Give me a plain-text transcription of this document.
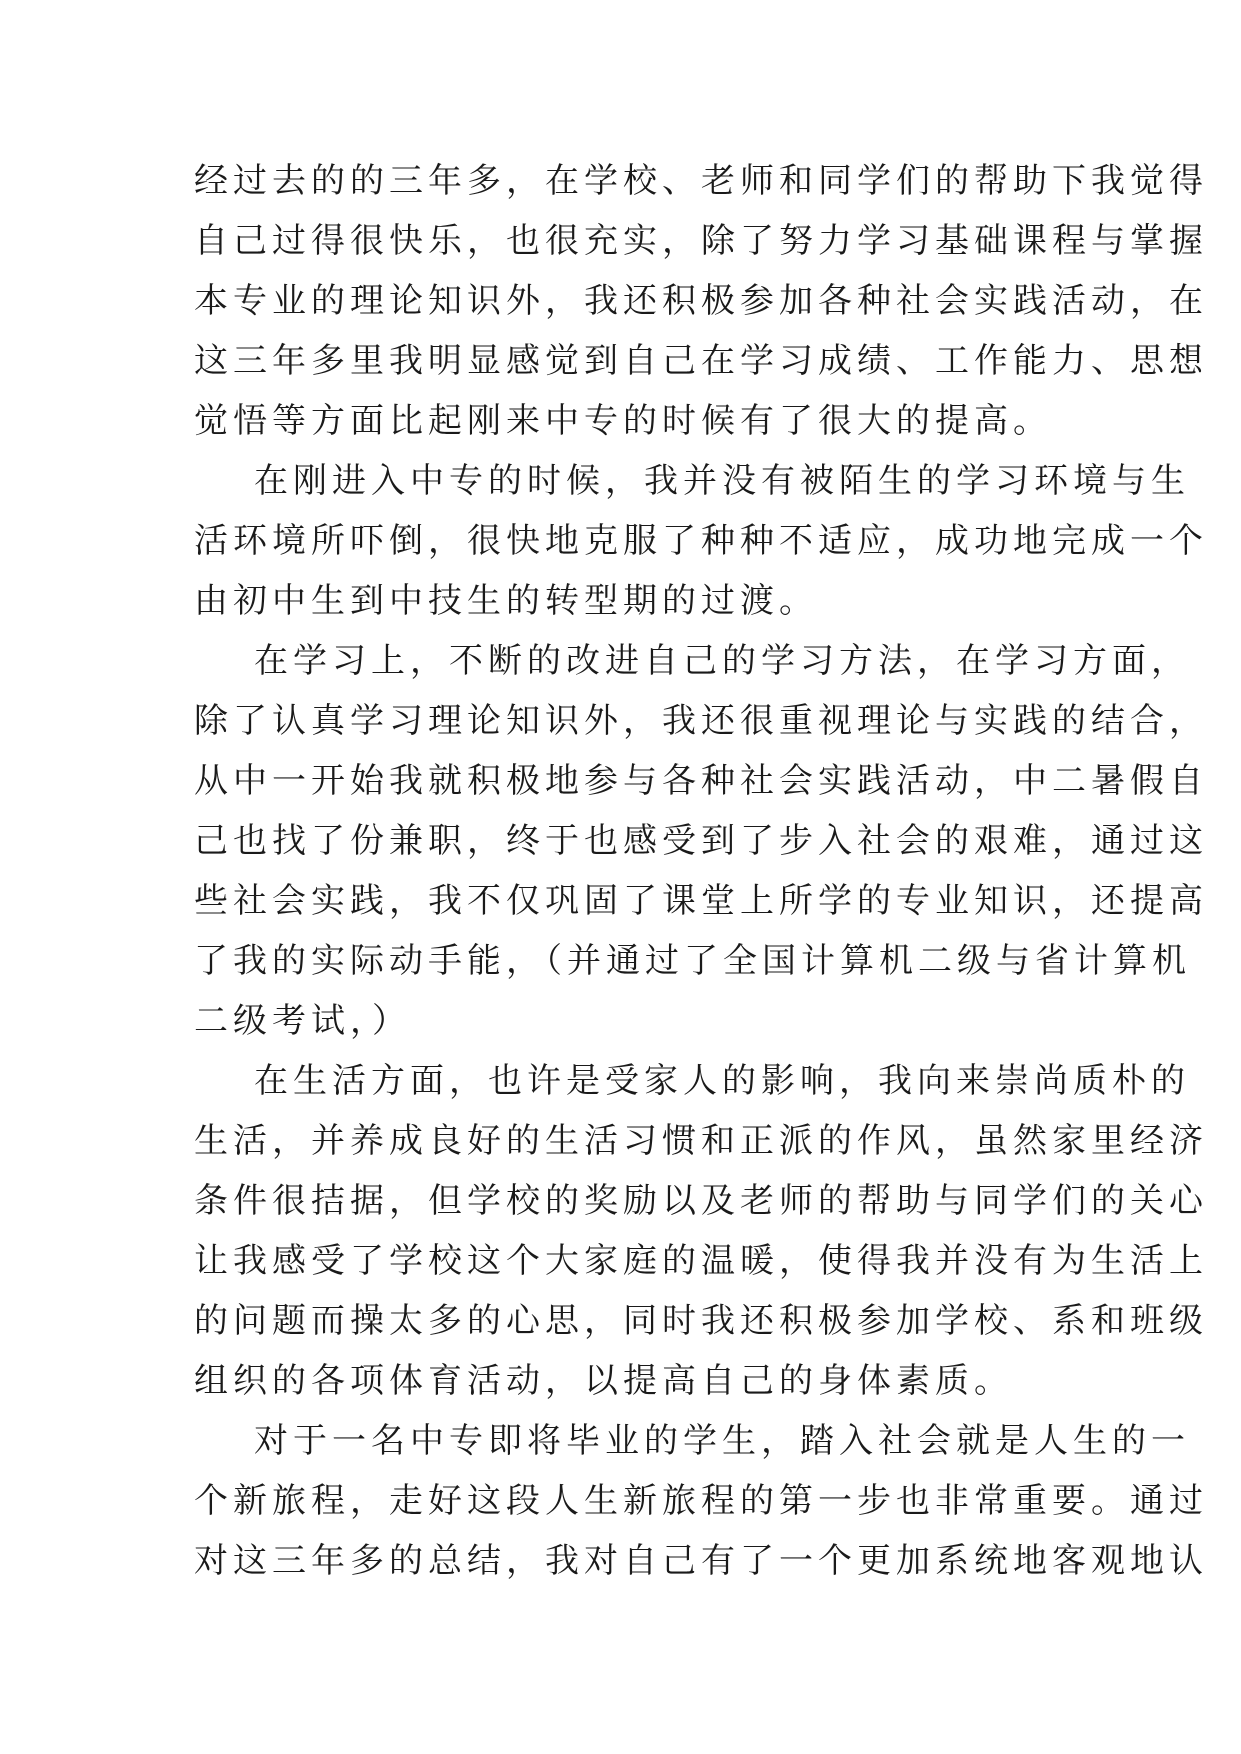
经过去的的三年多，在学校、老师和同学们的帮助下我觉得
自己过得很快乐，也很充实，除了努力学习基础课程与掌握
本专业的理论知识外，我还积极参加各种社会实践活动，在
这三年多里我明显感觉到自己在学习成绩、工作能力、思想
觉悟等方面比起刚来中专的时候有了很大的提高。
在刚进入中专的时候，我并没有被陌生的学习环境与生
活环境所吓倒，很快地克服了种种不适应，成功地完成一个
由初中生到中技生的转型期的过渡。
在学习上，不断的改进自己的学习方法，在学习方面，
除了认真学习理论知识外，我还很重视理论与实践的结合，
从中一开始我就积极地参与各种社会实践活动，中二暑假自
己也找了份兼职，终于也感受到了步入社会的艰难，通过这
些社会实践，我不仅巩固了课堂上所学的专业知识，还提高
了我的实际动手能，（并通过了全国计算机二级与省计算机
二级考试，）
在生活方面，也许是受家人的影响，我向来崇尚质朴的
生活，并养成良好的生活习惯和正派的作风，虽然家里经济
条件很拮据，但学校的奖励以及老师的帮助与同学们的关心
让我感受了学校这个大家庭的温暖，使得我并没有为生活上
的问题而操太多的心思，同时我还积极参加学校、系和班级
组织的各项体育活动，以提高自己的身体素质。
对于一名中专即将毕业的学生，踏入社会就是人生的一
个新旅程，走好这段人生新旅程的第一步也非常重要。通过
对这三年多的总结，我对自己有了一个更加系统地客观地认
